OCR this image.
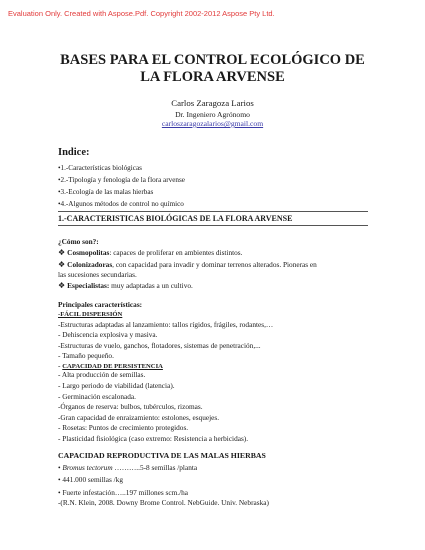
Evaluation Only. Created with Aspose.Pdf. Copyright 2002-2012 Aspose Pty Ltd.
BASES PARA EL CONTROL ECOLÓGICO DE
LA FLORA ARVENSE
Carlos Zaragoza Larios
Dr. Ingeniero Agrónomo
carloszaragozalarios@gmail.com
Indice:
•1.-Características biológicas
•2.-Tipología y fenología de la flora arvense
•3.-Ecología de las malas hierbas
•4.-Algunos métodos de control no químico
1.-CARACTERISTICAS BIOLÓGICAS DE LA FLORA ARVENSE
¿Cómo son?:
❖ Cosmopolitas: capaces de proliferar en ambientes distintos.
❖ Colonizadoras, con capacidad para invadir y dominar terrenos alterados. Pioneras en
las sucesiones secundarias.
❖ Especialistas: muy adaptadas a un cultivo.
Principales características:
-FÁCIL DISPERSIÓN
-Estructuras adaptadas al lanzamiento: tallos rígidos, frágiles, rodantes,…
- Dehiscencia explosiva y masiva.
-Estructuras de vuelo, ganchos, flotadores, sistemas de penetración,...
- Tamaño pequeño.
- CAPACIDAD DE PERSISTENCIA
- Alta producción de semillas.
- Largo periodo de viabilidad (latencia).
- Germinación escalonada.
-Órganos de reserva: bulbos, tubérculos, rizomas.
-Gran capacidad de enraizamiento: estolones, esquejes.
- Rosetas: Puntos de crecimiento protegidos.
- Plasticidad fisiológica (caso extremo: Resistencia a herbicidas).
CAPACIDAD REPRODUCTIVA DE LAS MALAS HIERBAS
• Bromus tectorum ………..5-8 semillas /planta
• 441.000 semillas /kg
• Fuerte infestación…..197 millones scm./ha
-(R.N. Klein, 2008. Downy Brome Control. NebGuide. Univ. Nebraska)
